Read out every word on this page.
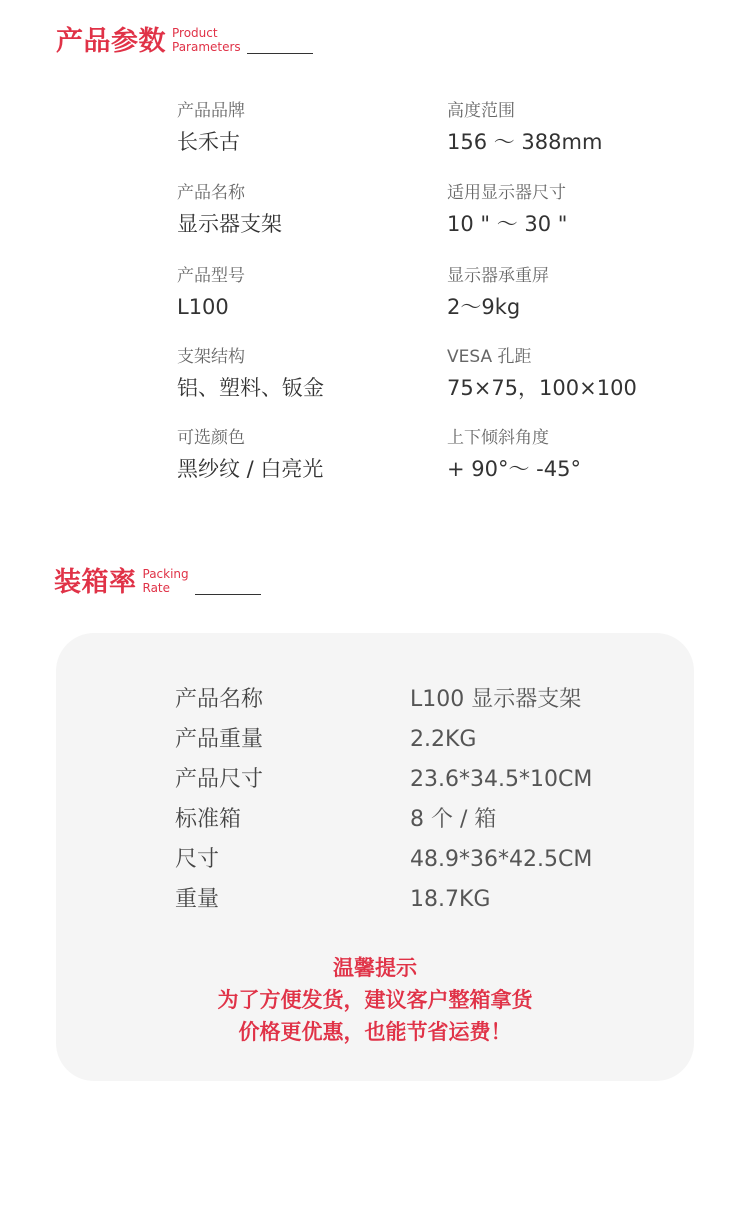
产品参数 Product
Parameters
产品品牌
长禾古
高度范围
156 ～ 388mm
产品名称
显示器支架
适用显示器尺寸
10 " ～ 30 "
产品型号
L100
显示器承重屏
2～9kg
支架结构
铝、塑料、钣金
VESA 孔距
75×75，100×100
可选颜色
黑纱纹 / 白亮光
上下倾斜角度
+ 90°～ -45°
装箱率 Packing
Rate
产品名称	L100 显示器支架
产品重量	2.2KG
产品尺寸	23.6*34.5*10CM
标准箱	8 个 / 箱
尺寸	48.9*36*42.5CM
重量	18.7KG
温馨提示
为了方便发货，建议客户整箱拿货
价格更优惠，也能节省运费！
